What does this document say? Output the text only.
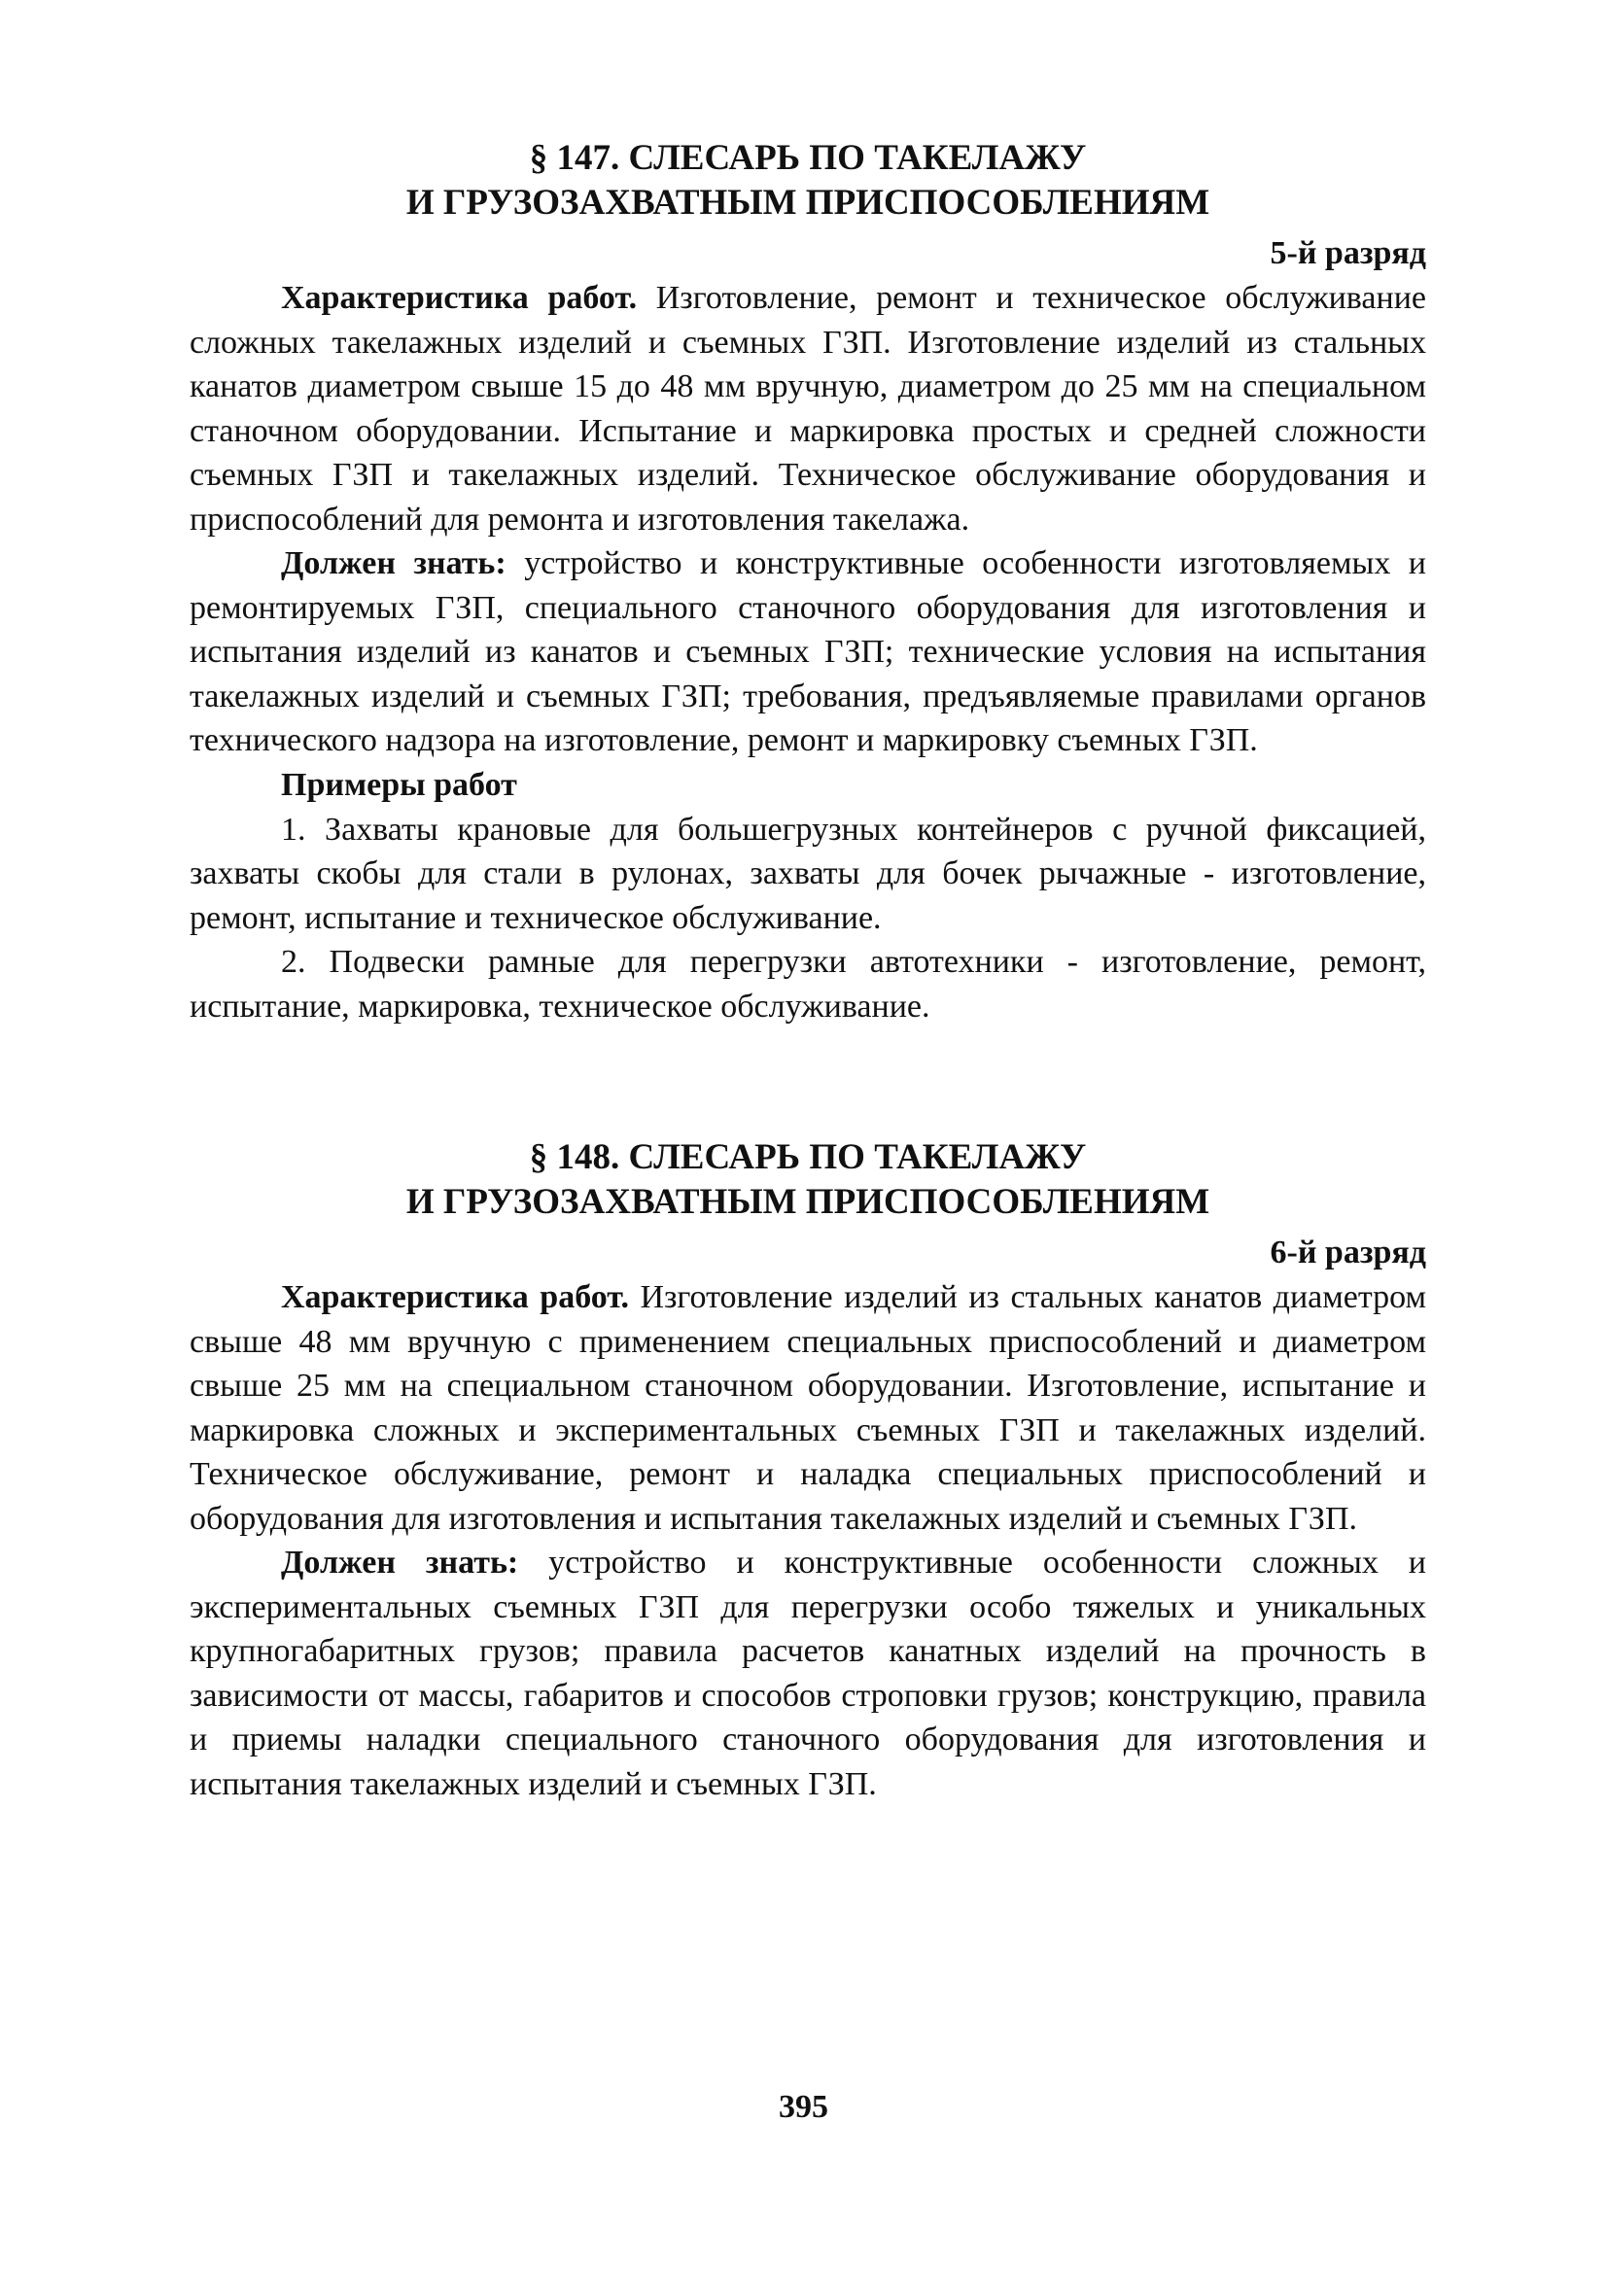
§ 147. СЛЕСАРЬ ПО ТАКЕЛАЖУ
И ГРУЗОЗАХВАТНЫМ ПРИСПОСОБЛЕНИЯМ

5-й разряд

Характеристика работ. Изготовление, ремонт и техническое обслуживание сложных такелажных изделий и съемных ГЗП. Изготовление изделий из стальных канатов диаметром свыше 15 до 48 мм вручную, диаметром до 25 мм на специальном станочном оборудовании. Испытание и маркировка простых и средней сложности съемных ГЗП и такелажных изделий. Техническое обслуживание оборудования и приспособлений для ремонта и изготовления такелажа.

Должен знать: устройство и конструктивные особенности изготовляемых и ремонтируемых ГЗП, специального станочного оборудования для изготовления и испытания изделий из канатов и съемных ГЗП; технические условия на испытания такелажных изделий и съемных ГЗП; требования, предъявляемые правилами органов технического надзора на изготовление, ремонт и маркировку съемных ГЗП.

Примеры работ

1. Захваты крановые для большегрузных контейнеров с ручной фиксацией, захваты скобы для стали в рулонах, захваты для бочек рычажные - изготовление, ремонт, испытание и техническое обслуживание.

2. Подвески рамные для перегрузки автотехники - изготовление, ремонт, испытание, маркировка, техническое обслуживание.

§ 148. СЛЕСАРЬ ПО ТАКЕЛАЖУ
И ГРУЗОЗАХВАТНЫМ ПРИСПОСОБЛЕНИЯМ

6-й разряд

Характеристика работ. Изготовление изделий из стальных канатов диаметром свыше 48 мм вручную с применением специальных приспособлений и диаметром свыше 25 мм на специальном станочном оборудовании. Изготовление, испытание и маркировка сложных и экспериментальных съемных ГЗП и такелажных изделий. Техническое обслуживание, ремонт и наладка специальных приспособлений и оборудования для изготовления и испытания такелажных изделий и съемных ГЗП.

Должен знать: устройство и конструктивные особенности сложных и экспериментальных съемных ГЗП для перегрузки особо тяжелых и уникальных крупногабаритных грузов; правила расчетов канатных изделий на прочность в зависимости от массы, габаритов и способов строповки грузов; конструкцию, правила и приемы наладки специального станочного оборудования для изготовления и испытания такелажных изделий и съемных ГЗП.

395
